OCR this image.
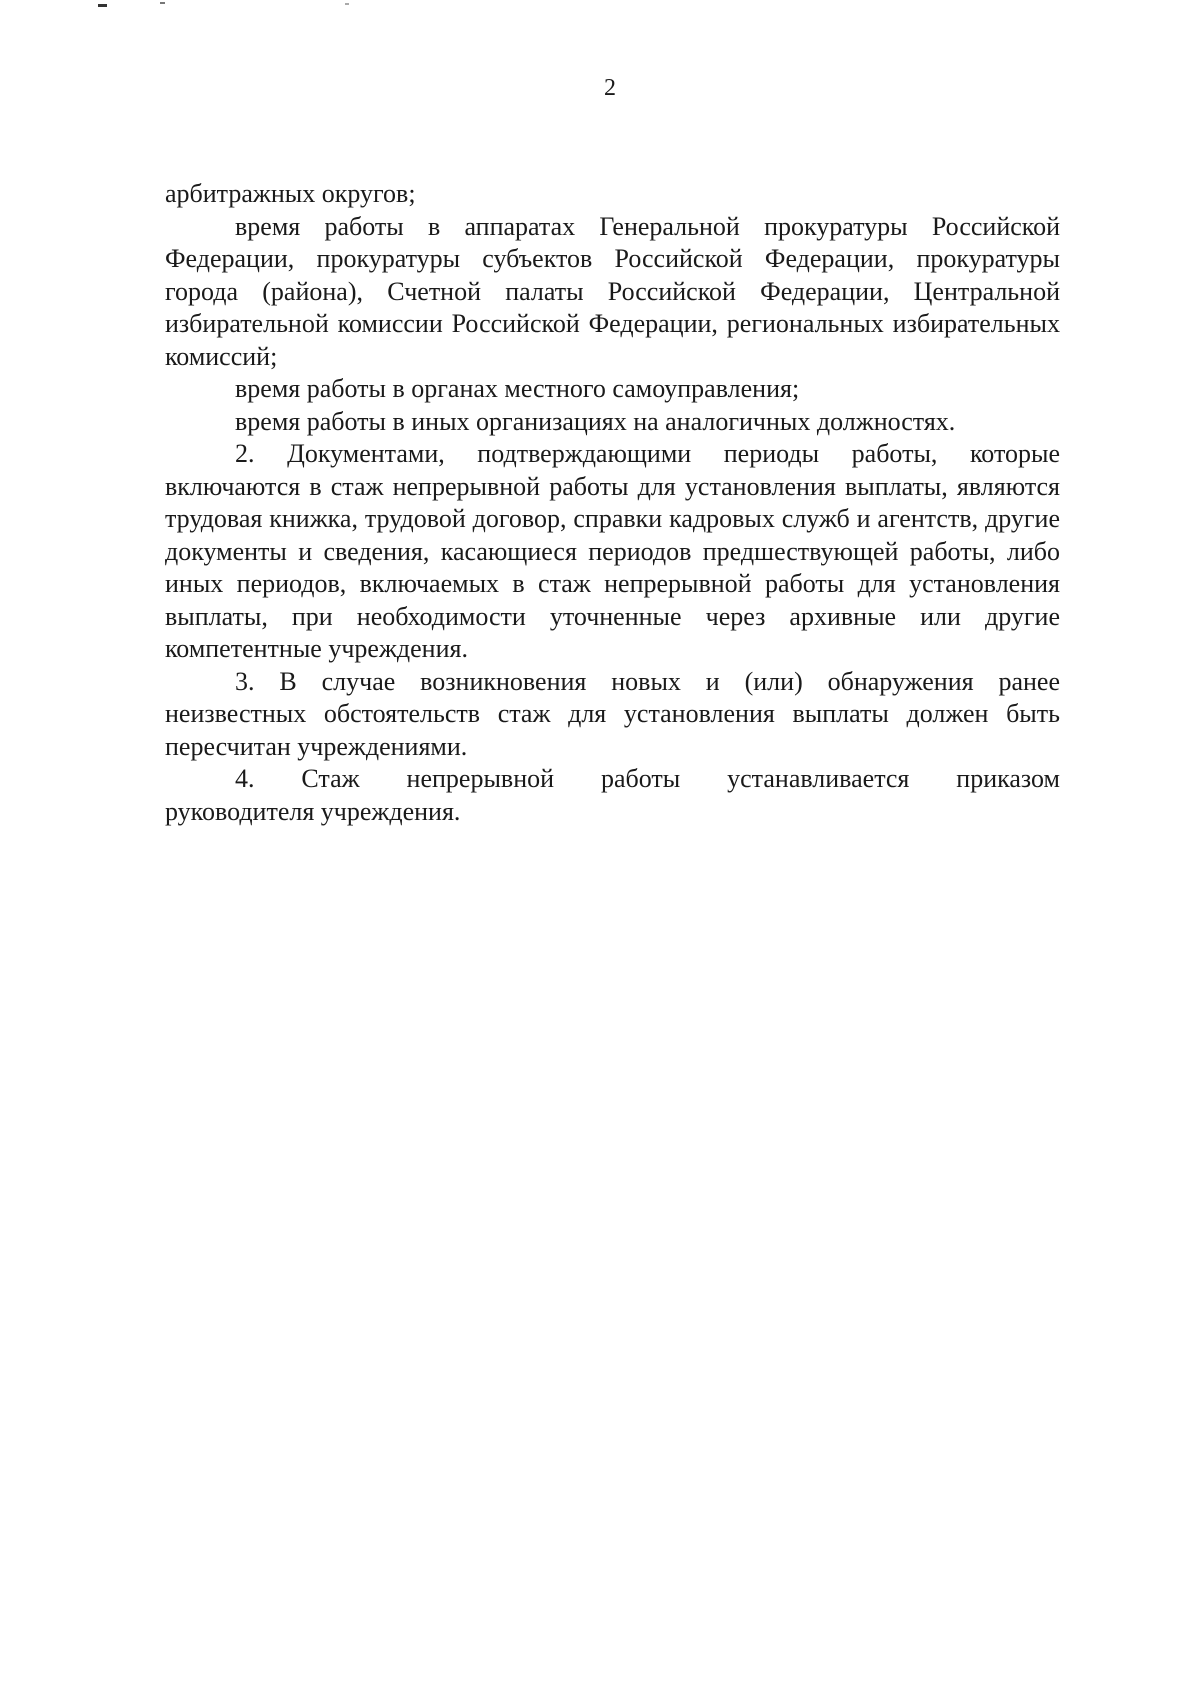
2

арбитражных округов;

время работы в аппаратах Генеральной прокуратуры Российской Федерации, прокуратуры субъектов Российской Федерации, прокуратуры города (района), Счетной палаты Российской Федерации, Центральной избирательной комиссии Российской Федерации, региональных избирательных комиссий;

время работы в органах местного самоуправления;

время работы в иных организациях на аналогичных должностях.

2. Документами, подтверждающими периоды работы, которые включаются в стаж непрерывной работы для установления выплаты, являются трудовая книжка, трудовой договор, справки кадровых служб и агентств, другие документы и сведения, касающиеся периодов предшествующей работы, либо иных периодов, включаемых в стаж непрерывной работы для установления выплаты, при необходимости уточненные через архивные или другие компетентные учреждения.

3. В случае возникновения новых и (или) обнаружения ранее неизвестных обстоятельств стаж для установления выплаты должен быть пересчитан учреждениями.

4. Стаж непрерывной работы устанавливается приказом

руководителя учреждения.
